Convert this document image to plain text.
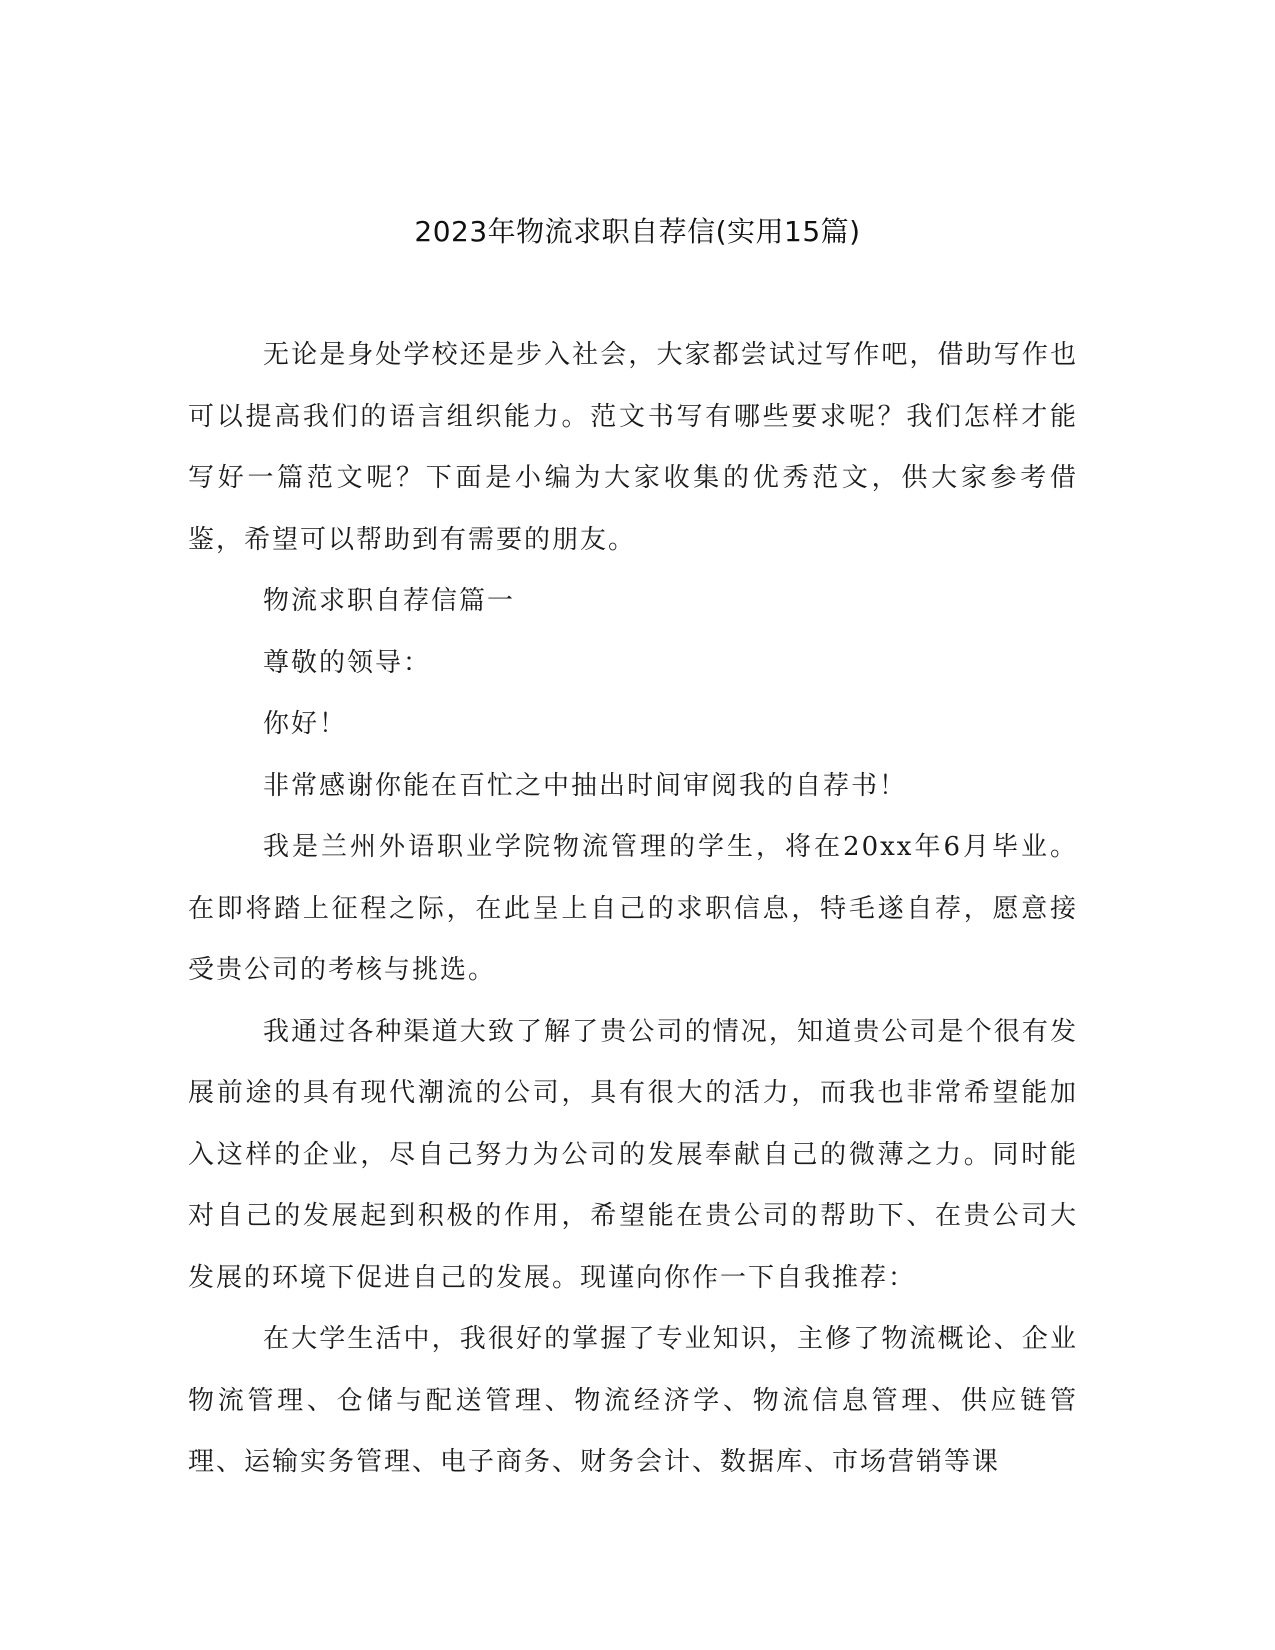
2023年物流求职自荐信(实用15篇)

无论是身处学校还是步入社会，大家都尝试过写作吧，借助写作也可以提高我们的语言组织能力。范文书写有哪些要求呢？我们怎样才能写好一篇范文呢？下面是小编为大家收集的优秀范文，供大家参考借鉴，希望可以帮助到有需要的朋友。

物流求职自荐信篇一

尊敬的领导：

你好！

非常感谢你能在百忙之中抽出时间审阅我的自荐书！

我是兰州外语职业学院物流管理的学生，将在20xx年6月毕业。在即将踏上征程之际，在此呈上自己的求职信息，特毛遂自荐，愿意接受贵公司的考核与挑选。

我通过各种渠道大致了解了贵公司的情况，知道贵公司是个很有发展前途的具有现代潮流的公司，具有很大的活力，而我也非常希望能加入这样的企业，尽自己努力为公司的发展奉献自己的微薄之力。同时能对自己的发展起到积极的作用，希望能在贵公司的帮助下、在贵公司大发展的环境下促进自己的发展。现谨向你作一下自我推荐：

在大学生活中，我很好的掌握了专业知识，主修了物流概论、企业物流管理、仓储与配送管理、物流经济学、物流信息管理、供应链管理、运输实务管理、电子商务、财务会计、数据库、市场营销等课
